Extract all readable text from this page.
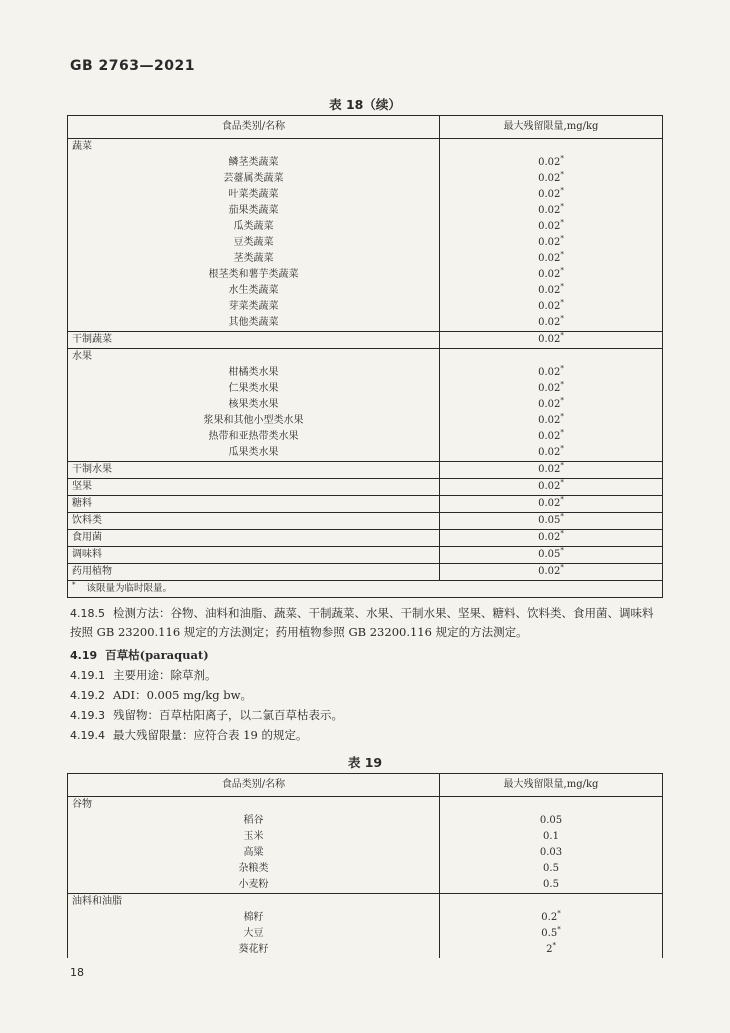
GB 2763—2021
表 18（续）
食品类别/名称	最大残留限量,mg/kg
蔬菜	
鳞茎类蔬菜	0.02*
芸薹属类蔬菜	0.02*
叶菜类蔬菜	0.02*
茄果类蔬菜	0.02*
瓜类蔬菜	0.02*
豆类蔬菜	0.02*
茎类蔬菜	0.02*
根茎类和薯芋类蔬菜	0.02*
水生类蔬菜	0.02*
芽菜类蔬菜	0.02*
其他类蔬菜	0.02*
干制蔬菜	0.02*
水果	
柑橘类水果	0.02*
仁果类水果	0.02*
核果类水果	0.02*
浆果和其他小型类水果	0.02*
热带和亚热带类水果	0.02*
瓜果类水果	0.02*
干制水果	0.02*
坚果	0.02*
糖料	0.02*
饮料类	0.05*
食用菌	0.02*
调味料	0.05*
药用植物	0.02*
* 该限量为临时限量。	
4.18.5 检测方法：谷物、油料和油脂、蔬菜、干制蔬菜、水果、干制水果、坚果、糖料、饮料类、食用菌、调味料按照 GB 23200.116 规定的方法测定；药用植物参照 GB 23200.116 规定的方法测定。
4.19 百草枯(paraquat)
4.19.1 主要用途：除草剂。
4.19.2 ADI：0.005 mg/kg bw。
4.19.3 残留物：百草枯阳离子，以二氯百草枯表示。
4.19.4 最大残留限量：应符合表 19 的规定。
表 19
食品类别/名称	最大残留限量,mg/kg
谷物	
稻谷	0.05
玉米	0.1
高粱	0.03
杂粮类	0.5
小麦粉	0.5
油料和油脂	
棉籽	0.2*
大豆	0.5*
葵花籽	2*
18
